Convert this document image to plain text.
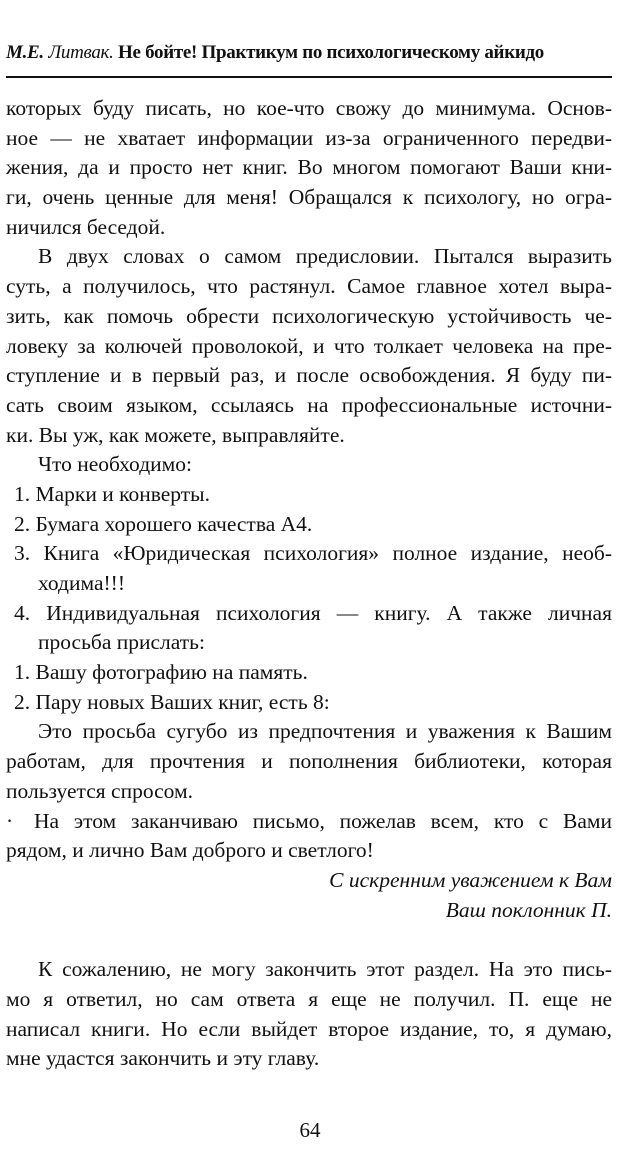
М.Е. Литвак. Не бойте! Практикум по психологическому айкидо
которых буду писать, но кое-что свожу до минимума. Основ-
ное — не хватает информации из-за ограниченного передви-
жения, да и просто нет книг. Во многом помогают Ваши кни-
ги, очень ценные для меня! Обращался к психологу, но огра-
ничился беседой.
В двух словах о самом предисловии. Пытался выразить
суть, а получилось, что растянул. Самое главное хотел выра-
зить, как помочь обрести психологическую устойчивость че-
ловеку за колючей проволокой, и что толкает человека на пре-
ступление и в первый раз, и после освобождения. Я буду пи-
сать своим языком, ссылаясь на профессиональные источни-
ки. Вы уж, как можете, выправляйте.
Что необходимо:
1. Марки и конверты.
2. Бумага хорошего качества А4.
3. Книга «Юридическая психология» полное издание, необ-
ходима!!!
4. Индивидуальная психология — книгу. А также личная
просьба прислать:
1. Вашу фотографию на память.
2. Пару новых Ваших книг, есть 8:
Это просьба сугубо из предпочтения и уважения к Вашим
работам, для прочтения и пополнения библиотеки, которая
пользуется спросом.
· На этом заканчиваю письмо, пожелав всем, кто с Вами
рядом, и лично Вам доброго и светлого!
С искренним уважением к Вам
Ваш поклонник П.
К сожалению, не могу закончить этот раздел. На это пись-
мо я ответил, но сам ответа я еще не получил. П. еще не
написал книги. Но если выйдет второе издание, то, я думаю,
мне удастся закончить и эту главу.
64
